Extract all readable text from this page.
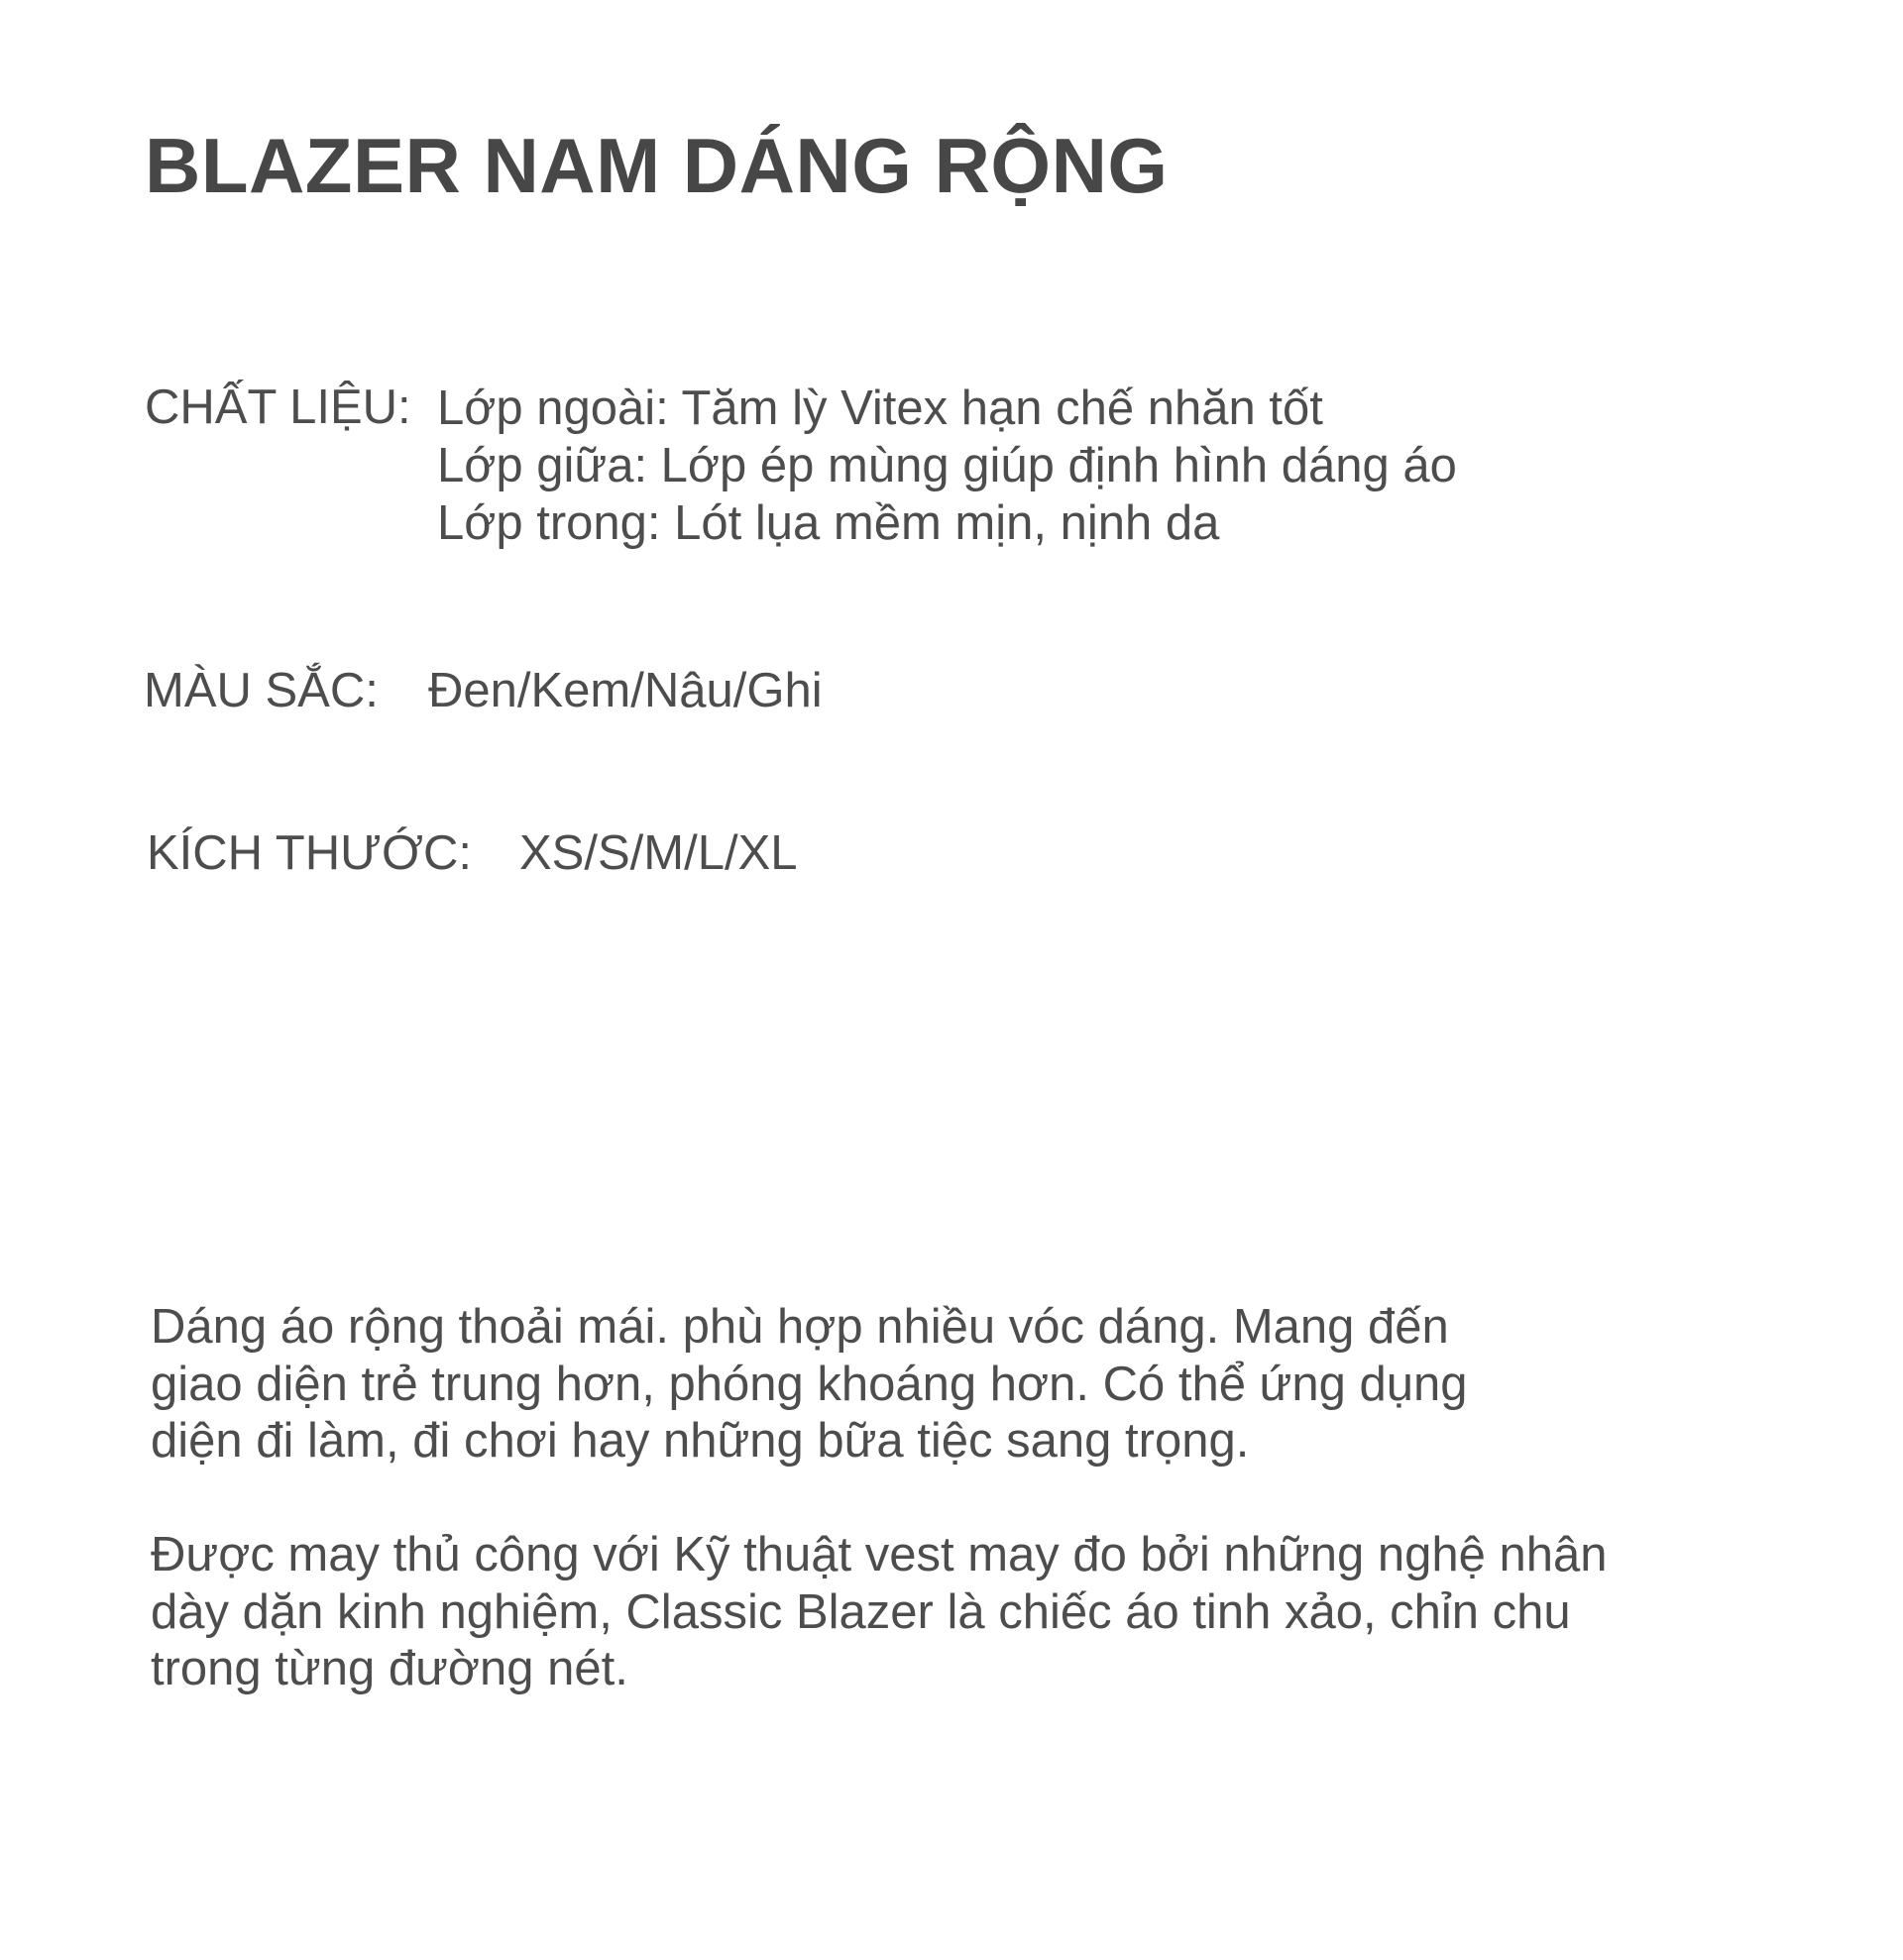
BLAZER NAM DÁNG RỘNG
CHẤT LIỆU: Lớp ngoài: Tăm lỳ Vitex hạn chế nhăn tốt
Lớp giữa: Lớp ép mùng giúp định hình dáng áo
Lớp trong: Lót lụa mềm mịn, nịnh da
MÀU SẮC: Đen/Kem/Nâu/Ghi
KÍCH THƯỚC: XS/S/M/L/XL
Dáng áo rộng thoải mái. phù hợp nhiều vóc dáng. Mang đến
giao diện trẻ trung hơn, phóng khoáng hơn. Có thể ứng dụng
diện đi làm, đi chơi hay những bữa tiệc sang trọng.
Được may thủ công với Kỹ thuật vest may đo bởi những nghệ nhân
dày dặn kinh nghiệm, Classic Blazer là chiếc áo tinh xảo, chỉn chu
trong từng đường nét.
